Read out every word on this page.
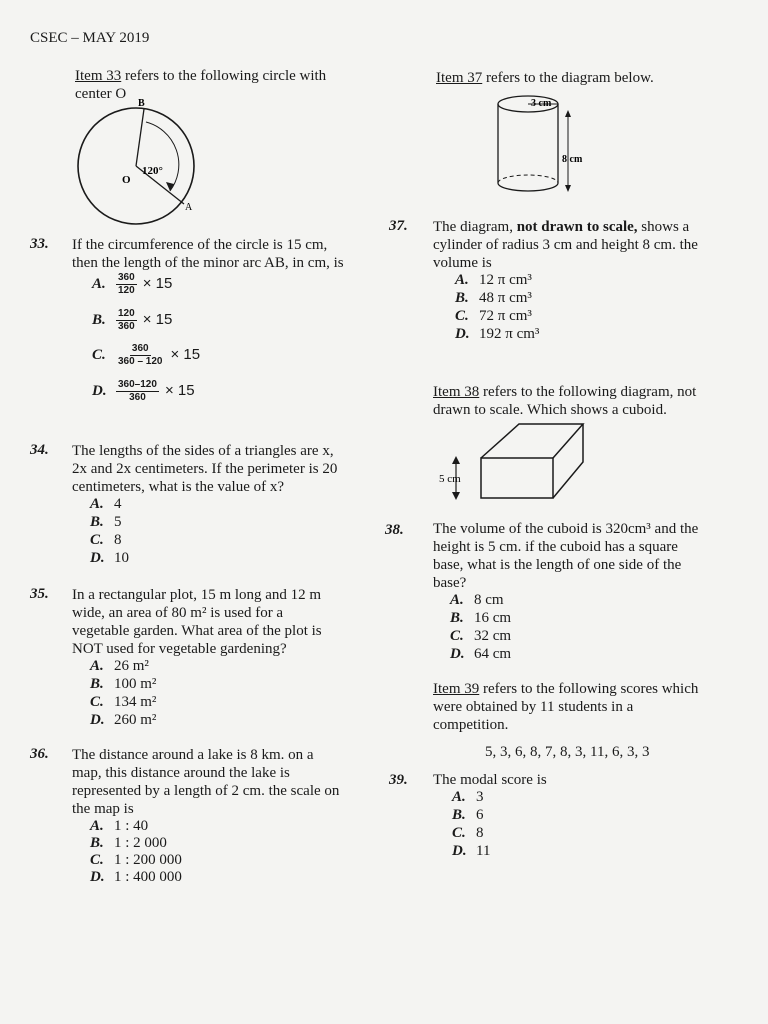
CSEC – MAY 2019
Item 33 refers to the following circle with
center O
B
O
A
120°
33. If the circumference of the circle is 15 cm,
then the length of the minor arc AB, in cm, is
A. $\frac{360}{120} \times 15$
B. $\frac{120}{360} \times 15$
C. $\frac{360}{360 - 120} \times 15$
D. $\frac{360-120}{360} \times 15$
34. The lengths of the sides of a triangles are x,
2x and 2x centimeters. If the perimeter is 20
centimeters, what is the value of x?
A. 4
B. 5
C. 8
D. 10
35. In a rectangular plot, 15 m long and 12 m
wide, an area of 80 m² is used for a
vegetable garden. What area of the plot is
NOT used for vegetable gardening?
A. 26 m²
B. 100 m²
C. 134 m²
D. 260 m²
36. The distance around a lake is 8 km. on a
map, this distance around the lake is
represented by a length of 2 cm. the scale on
the map is
A. 1 : 40
B. 1 : 2 000
C. 1 : 200 000
D. 1 : 400 000
Item 37 refers to the diagram below.
3 cm
8 cm
37. The diagram, not drawn to scale, shows a
cylinder of radius 3 cm and height 8 cm. the
volume is
A. 12 π cm³
B. 48 π cm³
C. 72 π cm³
D. 192 π cm³
Item 38 refers to the following diagram, not
drawn to scale. Which shows a cuboid.
5 cm
38. The volume of the cuboid is 320cm³ and the
height is 5 cm. if the cuboid has a square
base, what is the length of one side of the
base?
A. 8 cm
B. 16 cm
C. 32 cm
D. 64 cm
Item 39 refers to the following scores which
were obtained by 11 students in a
competition.
5, 3, 6, 8, 7, 8, 3, 11, 6, 3, 3
39. The modal score is
A. 3
B. 6
C. 8
D. 11
